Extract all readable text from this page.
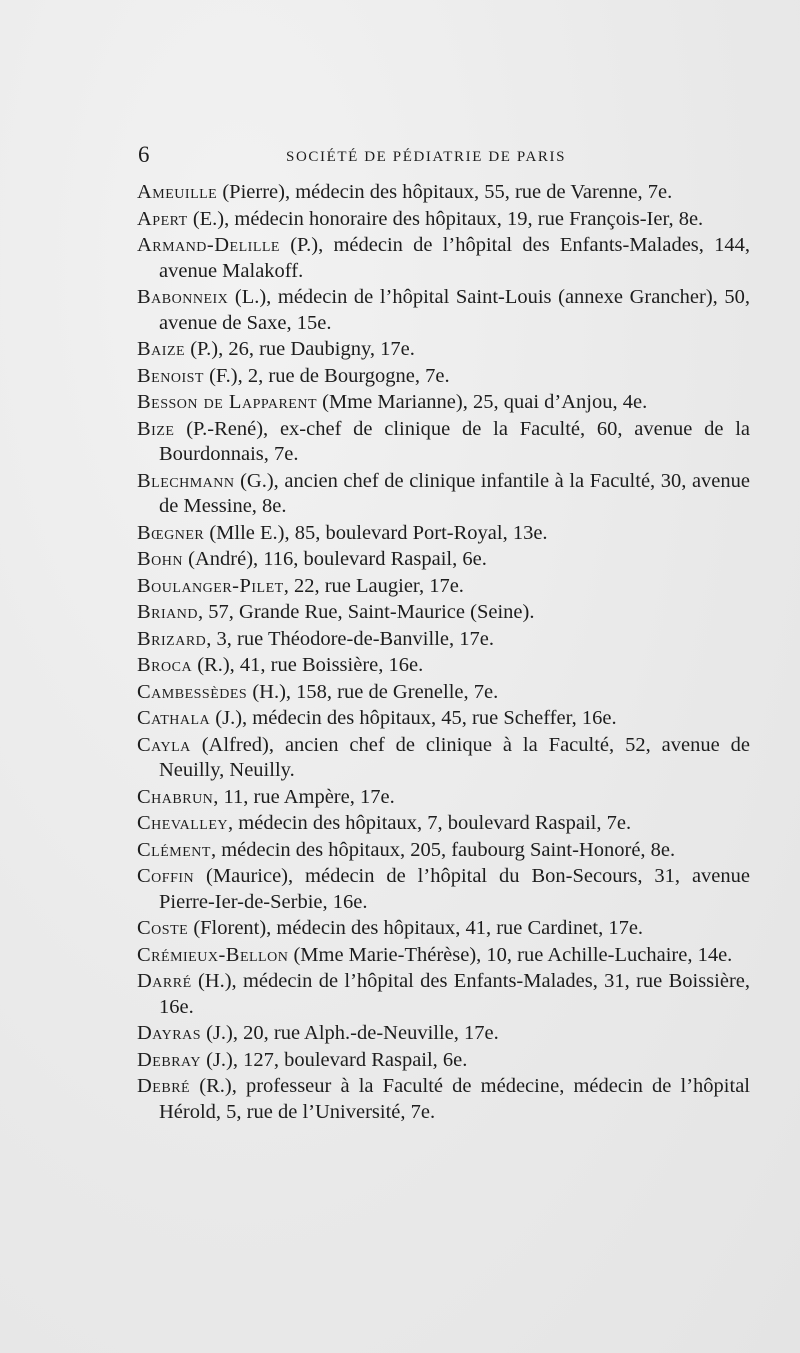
6	SOCIÉTÉ DE PÉDIATRIE DE PARIS

Ameuille (Pierre), médecin des hôpitaux, 55, rue de Varenne, 7e.

Apert (E.), médecin honoraire des hôpitaux, 19, rue François-Ier, 8e.

Armand-Delille (P.), médecin de l’hôpital des Enfants-Malades, 144, avenue Malakoff.

Babonneix (L.), médecin de l’hôpital Saint-Louis (annexe Grancher), 50, avenue de Saxe, 15e.

Baize (P.), 26, rue Daubigny, 17e.

Benoist (F.), 2, rue de Bourgogne, 7e.

Besson de Lapparent (Mme Marianne), 25, quai d’Anjou, 4e.

Bize (P.-René), ex-chef de clinique de la Faculté, 60, avenue de la Bourdonnais, 7e.

Blechmann (G.), ancien chef de clinique infantile à la Faculté, 30, avenue de Messine, 8e.

Bœgner (Mlle E.), 85, boulevard Port-Royal, 13e.

Bohn (André), 116, boulevard Raspail, 6e.

Boulanger-Pilet, 22, rue Laugier, 17e.

Briand, 57, Grande Rue, Saint-Maurice (Seine).

Brizard, 3, rue Théodore-de-Banville, 17e.

Broca (R.), 41, rue Boissière, 16e.

Cambessèdes (H.), 158, rue de Grenelle, 7e.

Cathala (J.), médecin des hôpitaux, 45, rue Scheffer, 16e.

Cayla (Alfred), ancien chef de clinique à la Faculté, 52, avenue de Neuilly, Neuilly.

Chabrun, 11, rue Ampère, 17e.

Chevalley, médecin des hôpitaux, 7, boulevard Raspail, 7e.

Clément, médecin des hôpitaux, 205, faubourg Saint-Honoré, 8e.

Coffin (Maurice), médecin de l’hôpital du Bon-Secours, 31, avenue Pierre-Ier-de-Serbie, 16e.

Coste (Florent), médecin des hôpitaux, 41, rue Cardinet, 17e.

Crémieux-Bellon (Mme Marie-Thérèse), 10, rue Achille-Luchaire, 14e.

Darré (H.), médecin de l’hôpital des Enfants-Malades, 31, rue Boissière, 16e.

Dayras (J.), 20, rue Alph.-de-Neuville, 17e.

Debray (J.), 127, boulevard Raspail, 6e.

Debré (R.), professeur à la Faculté de médecine, médecin de l’hôpital Hérold, 5, rue de l’Université, 7e.
